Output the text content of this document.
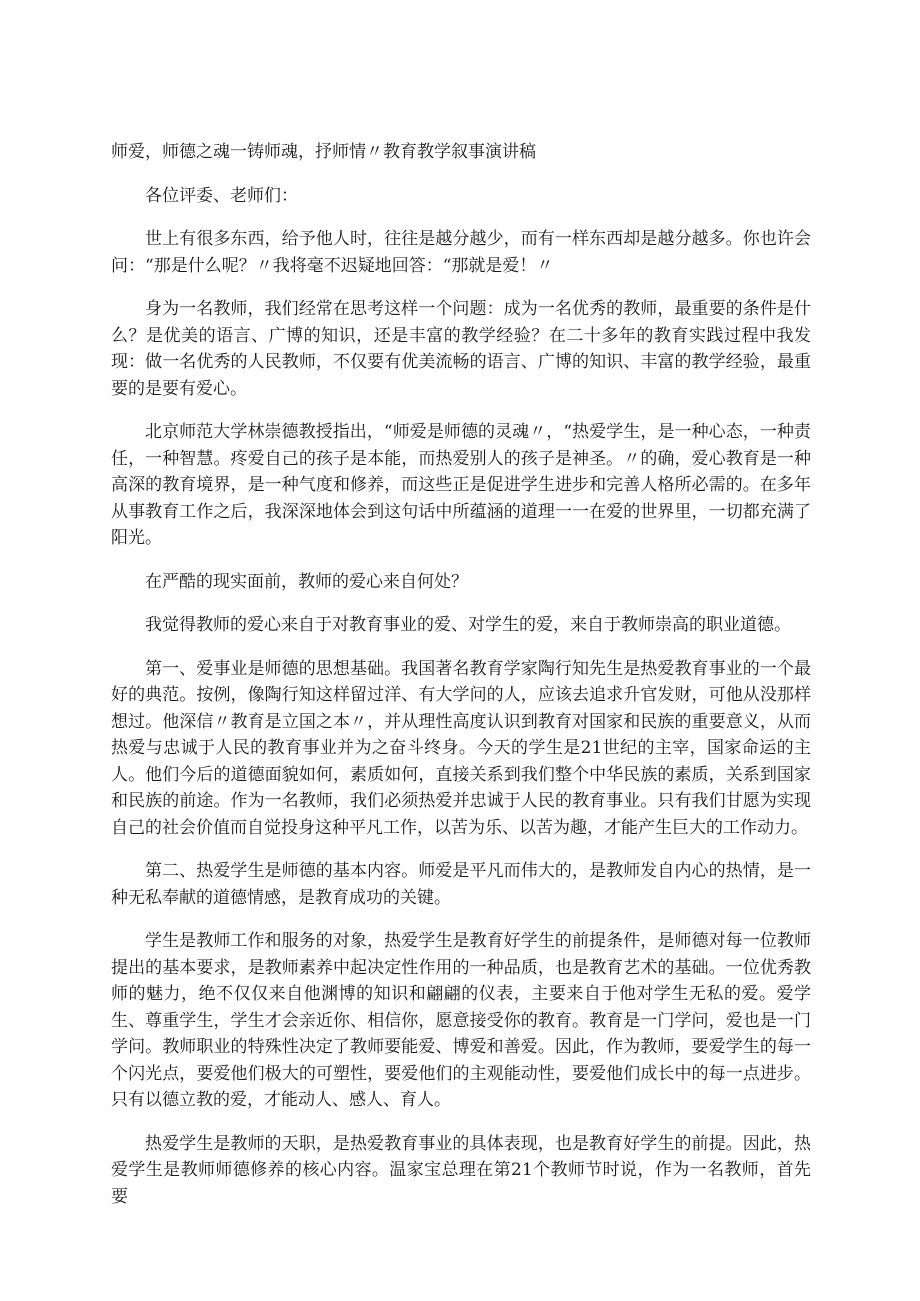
师爱，师德之魂一铸师魂，抒师情〃教育教学叙事演讲稿

各位评委、老师们：

世上有很多东西，给予他人时，往往是越分越少，而有一样东西却是越分越多。你也许会问：“那是什么呢？〃我将毫不迟疑地回答：“那就是爱！〃

身为一名教师，我们经常在思考这样一个问题：成为一名优秀的教师，最重要的条件是什么？是优美的语言、广博的知识，还是丰富的教学经验？在二十多年的教育实践过程中我发现：做一名优秀的人民教师，不仅要有优美流畅的语言、广博的知识、丰富的教学经验，最重要的是要有爱心。

北京师范大学林崇德教授指出，“师爱是师德的灵魂〃，“热爱学生，是一种心态，一种责任，一种智慧。疼爱自己的孩子是本能，而热爱别人的孩子是神圣。〃的确，爱心教育是一种高深的教育境界，是一种气度和修养，而这些正是促进学生进步和完善人格所必需的。在多年从事教育工作之后，我深深地体会到这句话中所蕴涵的道理一一在爱的世界里，一切都充满了阳光。

在严酷的现实面前，教师的爱心来自何处？

我觉得教师的爱心来自于对教育事业的爱、对学生的爱，来自于教师崇高的职业道德。

第一、爱事业是师德的思想基础。我国著名教育学家陶行知先生是热爱教育事业的一个最好的典范。按例，像陶行知这样留过洋、有大学问的人，应该去追求升官发财，可他从没那样想过。他深信〃教育是立国之本〃，并从理性高度认识到教育对国家和民族的重要意义，从而热爱与忠诚于人民的教育事业并为之奋斗终身。今天的学生是21世纪的主宰，国家命运的主人。他们今后的道德面貌如何，素质如何，直接关系到我们整个中华民族的素质，关系到国家和民族的前途。作为一名教师，我们必须热爱并忠诚于人民的教育事业。只有我们甘愿为实现自己的社会价值而自觉投身这种平凡工作，以苦为乐、以苦为趣，才能产生巨大的工作动力。

第二、热爱学生是师德的基本内容。师爱是平凡而伟大的，是教师发自内心的热情，是一种无私奉献的道德情感，是教育成功的关键。

学生是教师工作和服务的对象，热爱学生是教育好学生的前提条件，是师德对每一位教师提出的基本要求，是教师素养中起决定性作用的一种品质，也是教育艺术的基础。一位优秀教师的魅力，绝不仅仅来自他渊博的知识和翩翩的仪表，主要来自于他对学生无私的爱。爱学生、尊重学生，学生才会亲近你、相信你，愿意接受你的教育。教育是一门学问，爱也是一门学问。教师职业的特殊性决定了教师要能爱、博爱和善爱。因此，作为教师，要爱学生的每一个闪光点，要爱他们极大的可塑性，要爱他们的主观能动性，要爱他们成长中的每一点进步。只有以德立教的爱，才能动人、感人、育人。

热爱学生是教师的天职，是热爱教育事业的具体表现，也是教育好学生的前提。因此，热爱学生是教师师德修养的核心内容。温家宝总理在第21个教师节时说，作为一名教师，首先要
